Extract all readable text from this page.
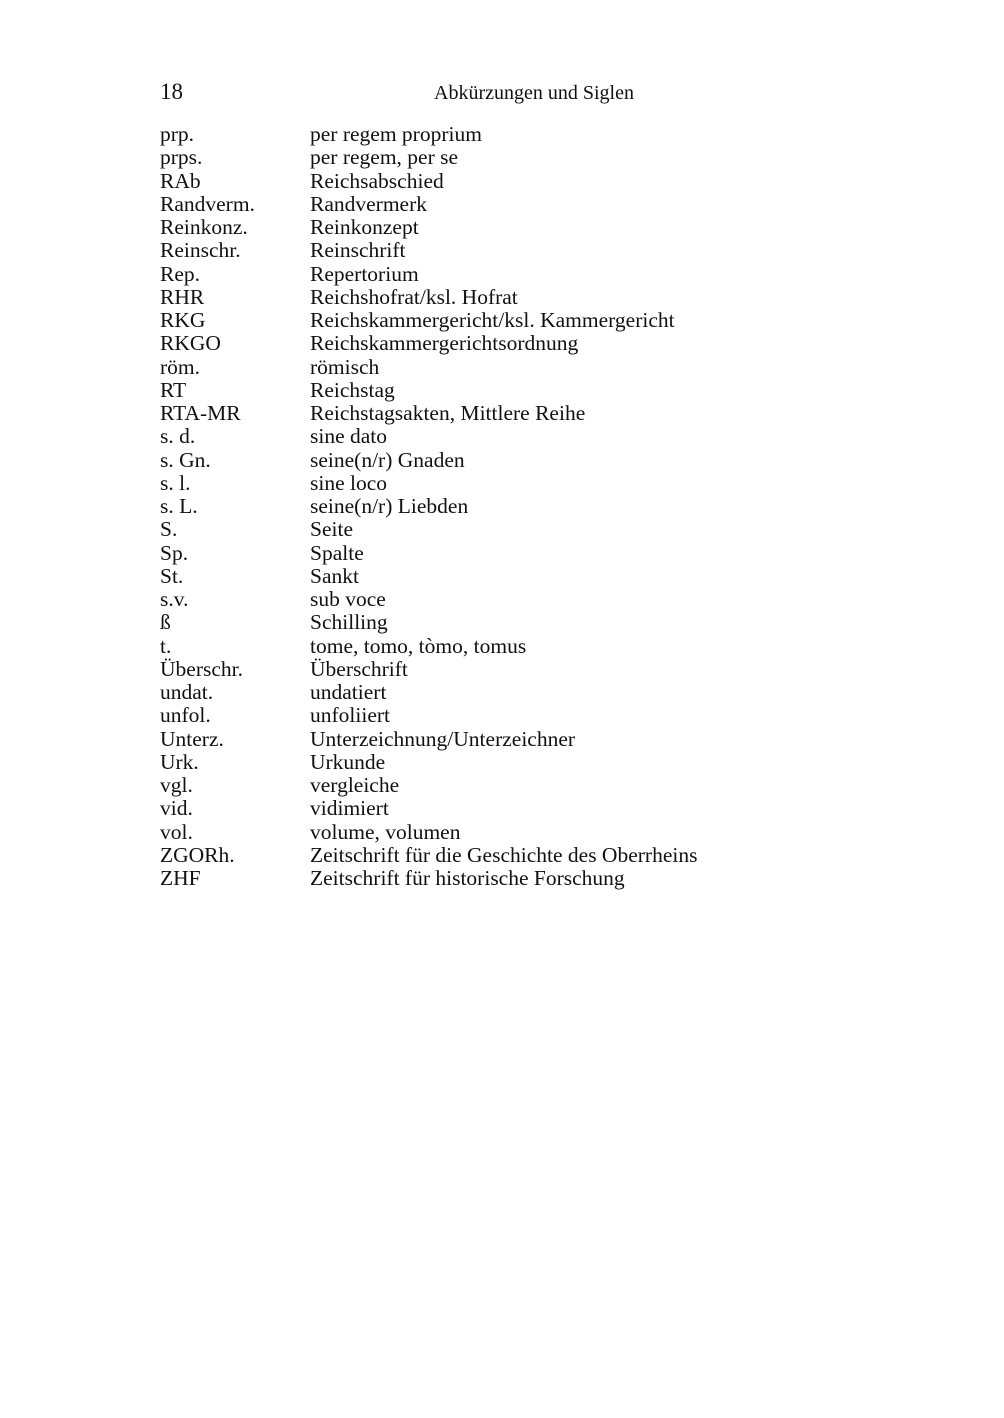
18	Abkürzungen und Siglen
prp.	per regem proprium
prps.	per regem, per se
RAb	Reichsabschied
Randverm.	Randvermerk
Reinkonz.	Reinkonzept
Reinschr.	Reinschrift
Rep.	Repertorium
RHR	Reichshofrat/ksl. Hofrat
RKG	Reichskammergericht/ksl. Kammergericht
RKGO	Reichskammergerichtsordnung
röm.	römisch
RT	Reichstag
RTA-MR	Reichstagsakten, Mittlere Reihe
s. d.	sine dato
s. Gn.	seine(n/r) Gnaden
s. l.	sine loco
s. L.	seine(n/r) Liebden
S.	Seite
Sp.	Spalte
St.	Sankt
s.v.	sub voce
ß	Schilling
t.	tome, tomo, tòmo, tomus
Überschr.	Überschrift
undat.	undatiert
unfol.	unfoliiert
Unterz.	Unterzeichnung/Unterzeichner
Urk.	Urkunde
vgl.	vergleiche
vid.	vidimiert
vol.	volume, volumen
ZGORh.	Zeitschrift für die Geschichte des Oberrheins
ZHF	Zeitschrift für historische Forschung
